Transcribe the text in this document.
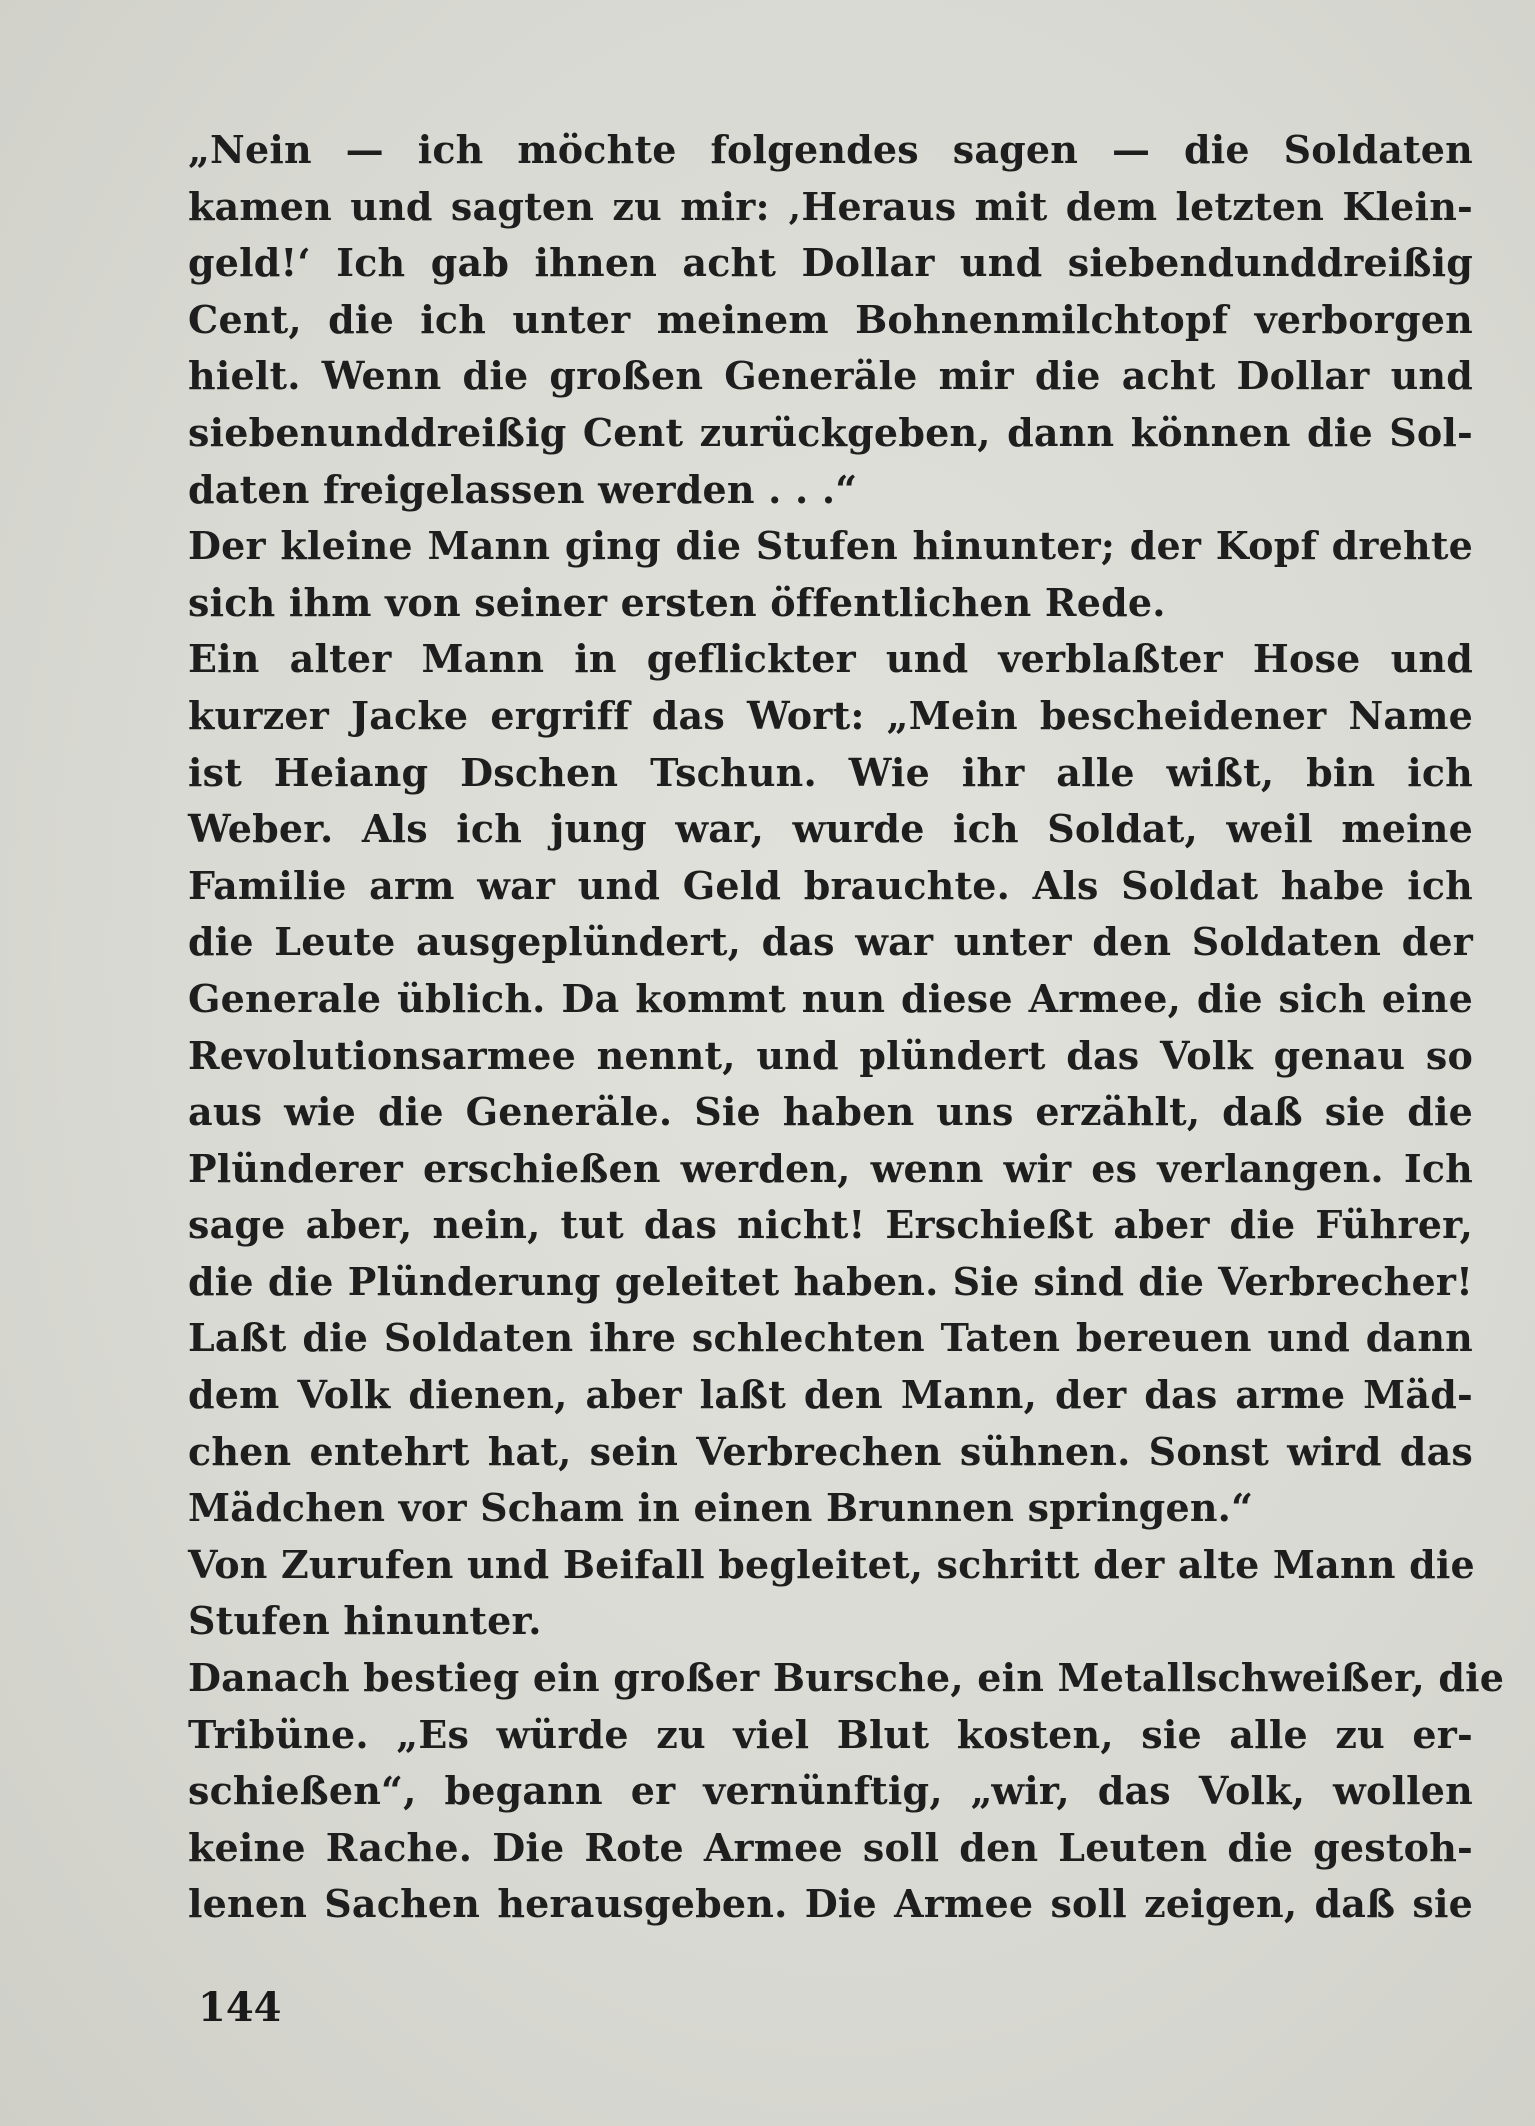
„Nein — ich möchte folgendes sagen — die Soldaten
kamen und sagten zu mir: ‚Heraus mit dem letzten Klein-
geld!‘ Ich gab ihnen acht Dollar und siebendunddreißig
Cent, die ich unter meinem Bohnenmilchtopf verborgen
hielt. Wenn die großen Generäle mir die acht Dollar und
siebenunddreißig Cent zurückgeben, dann können die Sol-
daten freigelassen werden . . .“
Der kleine Mann ging die Stufen hinunter; der Kopf drehte
sich ihm von seiner ersten öffentlichen Rede.
Ein alter Mann in geflickter und verblaßter Hose und
kurzer Jacke ergriff das Wort: „Mein bescheidener Name
ist Heiang Dschen Tschun. Wie ihr alle wißt, bin ich
Weber. Als ich jung war, wurde ich Soldat, weil meine
Familie arm war und Geld brauchte. Als Soldat habe ich
die Leute ausgeplündert, das war unter den Soldaten der
Generale üblich. Da kommt nun diese Armee, die sich eine
Revolutionsarmee nennt, und plündert das Volk genau so
aus wie die Generäle. Sie haben uns erzählt, daß sie die
Plünderer erschießen werden, wenn wir es verlangen. Ich
sage aber, nein, tut das nicht! Erschießt aber die Führer,
die die Plünderung geleitet haben. Sie sind die Verbrecher!
Laßt die Soldaten ihre schlechten Taten bereuen und dann
dem Volk dienen, aber laßt den Mann, der das arme Mäd-
chen entehrt hat, sein Verbrechen sühnen. Sonst wird das
Mädchen vor Scham in einen Brunnen springen.“
Von Zurufen und Beifall begleitet, schritt der alte Mann die
Stufen hinunter.
Danach bestieg ein großer Bursche, ein Metallschweißer, die
Tribüne. „Es würde zu viel Blut kosten, sie alle zu er-
schießen“, begann er vernünftig, „wir, das Volk, wollen
keine Rache. Die Rote Armee soll den Leuten die gestoh-
lenen Sachen herausgeben. Die Armee soll zeigen, daß sie
144
